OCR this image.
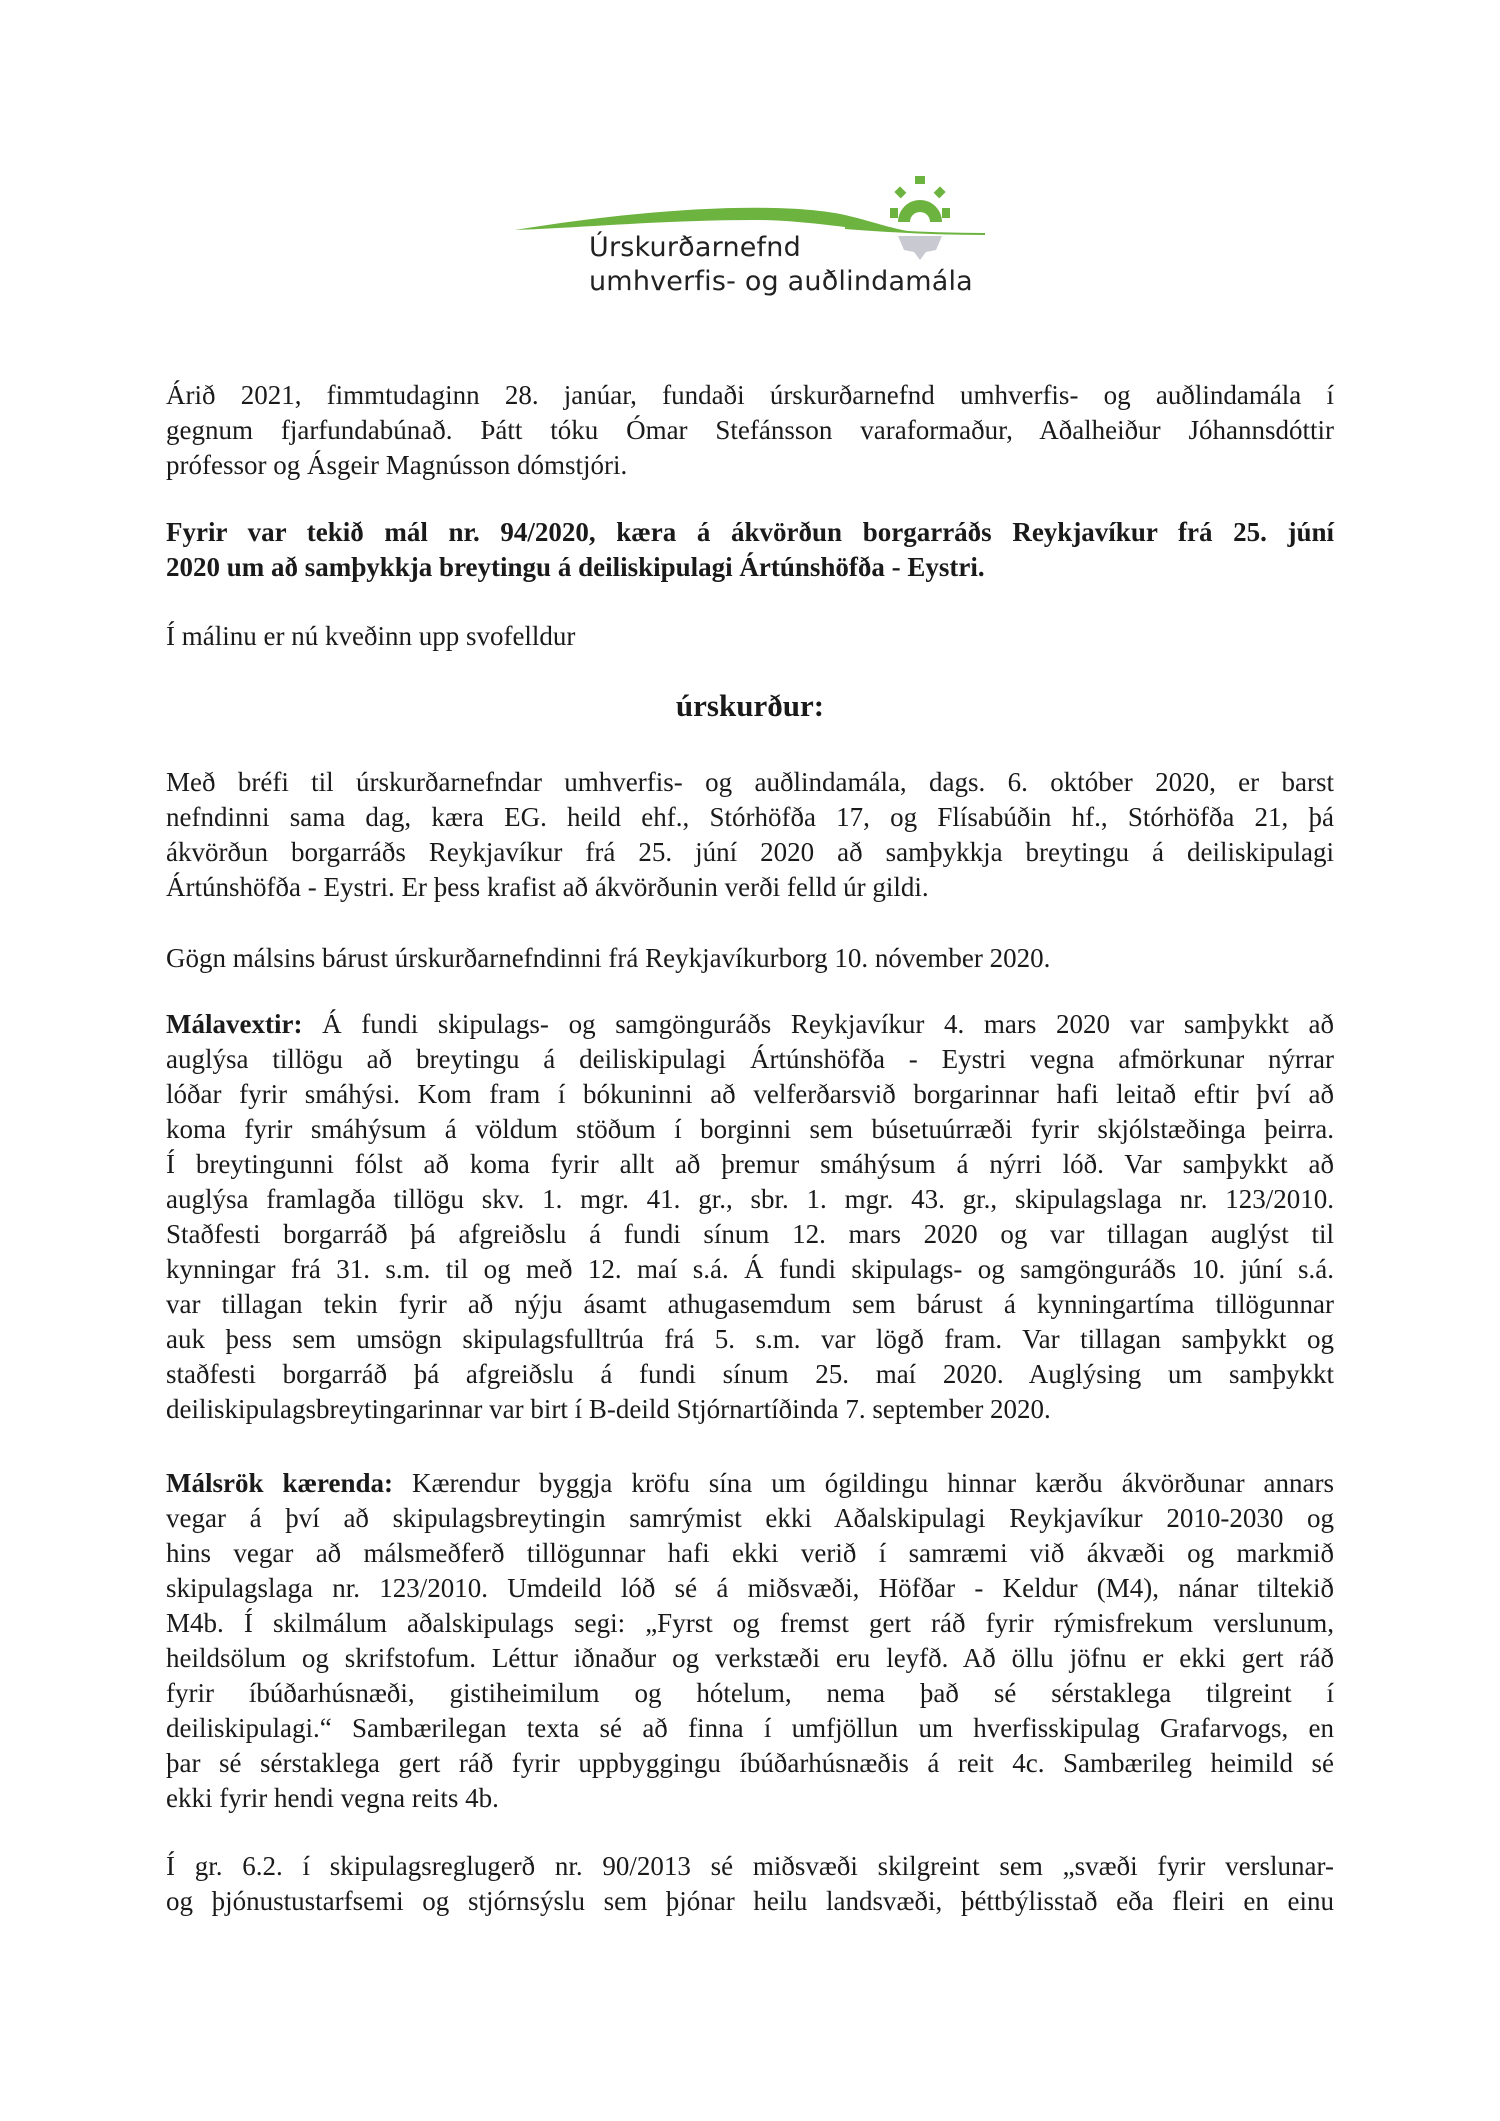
Úrskurðarnefnd
umhverfis- og auðlindamála
Árið 2021, fimmtudaginn 28. janúar, fundaði úrskurðarnefnd umhverfis- og auðlindamála í
gegnum fjarfundabúnað. Þátt tóku Ómar Stefánsson varaformaður, Aðalheiður Jóhannsdóttir
prófessor og Ásgeir Magnússon dómstjóri.
Fyrir var tekið mál nr. 94/2020, kæra á ákvörðun borgarráðs Reykjavíkur frá 25. júní
2020 um að samþykkja breytingu á deiliskipulagi Ártúnshöfða - Eystri.
Í málinu er nú kveðinn upp svofelldur
úrskurður:
Með bréfi til úrskurðarnefndar umhverfis- og auðlindamála, dags. 6. október 2020, er barst
nefndinni sama dag, kæra EG. heild ehf., Stórhöfða 17, og Flísabúðin hf., Stórhöfða 21, þá
ákvörðun borgarráðs Reykjavíkur frá 25. júní 2020 að samþykkja breytingu á deiliskipulagi
Ártúnshöfða - Eystri. Er þess krafist að ákvörðunin verði felld úr gildi.
Gögn málsins bárust úrskurðarnefndinni frá Reykjavíkurborg 10. nóvember 2020.
Málavextir: Á fundi skipulags- og samgönguráðs Reykjavíkur 4. mars 2020 var samþykkt að
auglýsa tillögu að breytingu á deiliskipulagi Ártúnshöfða - Eystri vegna afmörkunar nýrrar
lóðar fyrir smáhýsi. Kom fram í bókuninni að velferðarsvið borgarinnar hafi leitað eftir því að
koma fyrir smáhýsum á völdum stöðum í borginni sem búsetuúrræði fyrir skjólstæðinga þeirra.
Í breytingunni fólst að koma fyrir allt að þremur smáhýsum á nýrri lóð. Var samþykkt að
auglýsa framlagða tillögu skv. 1. mgr. 41. gr., sbr. 1. mgr. 43. gr., skipulagslaga nr. 123/2010.
Staðfesti borgarráð þá afgreiðslu á fundi sínum 12. mars 2020 og var tillagan auglýst til
kynningar frá 31. s.m. til og með 12. maí s.á. Á fundi skipulags- og samgönguráðs 10. júní s.á.
var tillagan tekin fyrir að nýju ásamt athugasemdum sem bárust á kynningartíma tillögunnar
auk þess sem umsögn skipulagsfulltrúa frá 5. s.m. var lögð fram. Var tillagan samþykkt og
staðfesti borgarráð þá afgreiðslu á fundi sínum 25. maí 2020. Auglýsing um samþykkt
deiliskipulagsbreytingarinnar var birt í B-deild Stjórnartíðinda 7. september 2020.
Málsrök kærenda: Kærendur byggja kröfu sína um ógildingu hinnar kærðu ákvörðunar annars
vegar á því að skipulagsbreytingin samrýmist ekki Aðalskipulagi Reykjavíkur 2010-2030 og
hins vegar að málsmeðferð tillögunnar hafi ekki verið í samræmi við ákvæði og markmið
skipulagslaga nr. 123/2010. Umdeild lóð sé á miðsvæði, Höfðar - Keldur (M4), nánar tiltekið
M4b. Í skilmálum aðalskipulags segi: „Fyrst og fremst gert ráð fyrir rýmisfrekum verslunum,
heildsölum og skrifstofum. Léttur iðnaður og verkstæði eru leyfð. Að öllu jöfnu er ekki gert ráð
fyrir íbúðarhúsnæði, gistiheimilum og hótelum, nema það sé sérstaklega tilgreint í
deiliskipulagi.“ Sambærilegan texta sé að finna í umfjöllun um hverfisskipulag Grafarvogs, en
þar sé sérstaklega gert ráð fyrir uppbyggingu íbúðarhúsnæðis á reit 4c. Sambærileg heimild sé
ekki fyrir hendi vegna reits 4b.
Í gr. 6.2. í skipulagsreglugerð nr. 90/2013 sé miðsvæði skilgreint sem „svæði fyrir verslunar-
og þjónustustarfsemi og stjórnsýslu sem þjónar heilu landsvæði, þéttbýlisstað eða fleiri en einu
